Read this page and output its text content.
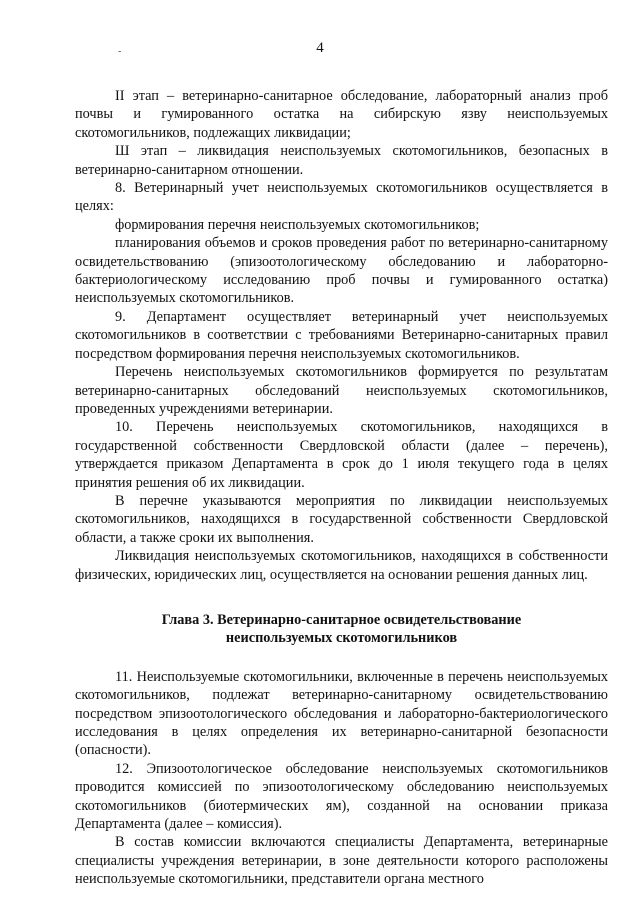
-	4

II этап – ветеринарно-санитарное обследование, лабораторный анализ проб почвы и гумированного остатка на сибирскую язву неиспользуемых скотомогильников, подлежащих ликвидации;

Ш этап – ликвидация неиспользуемых скотомогильников, безопасных в ветеринарно-санитарном отношении.

8. Ветеринарный учет неиспользуемых скотомогильников осуществляется в целях:

формирования перечня неиспользуемых скотомогильников;

планирования объемов и сроков проведения работ по ветеринарно-санитарному освидетельствованию (эпизоотологическому обследованию и лабораторно-бактериологическому исследованию проб почвы и гумированного остатка) неиспользуемых скотомогильников.

9. Департамент осуществляет ветеринарный учет неиспользуемых скотомогильников в соответствии с требованиями Ветеринарно-санитарных правил посредством формирования перечня неиспользуемых скотомогильников.

Перечень неиспользуемых скотомогильников формируется по результатам ветеринарно-санитарных обследований неиспользуемых скотомогильников, проведенных учреждениями ветеринарии.

10. Перечень неиспользуемых скотомогильников, находящихся в государственной собственности Свердловской области (далее – перечень), утверждается приказом Департамента в срок до 1 июля текущего года в целях принятия решения об их ликвидации.

В перечне указываются мероприятия по ликвидации неиспользуемых скотомогильников, находящихся в государственной собственности Свердловской области, а также сроки их выполнения.

Ликвидация неиспользуемых скотомогильников, находящихся в собственности физических, юридических лиц, осуществляется на основании решения данных лиц.

Глава 3. Ветеринарно-санитарное освидетельствование
неиспользуемых скотомогильников

11. Неиспользуемые скотомогильники, включенные в перечень неиспользуемых скотомогильников, подлежат ветеринарно-санитарному освидетельствованию посредством эпизоотологического обследования и лабораторно-бактериологического исследования в целях определения их ветеринарно-санитарной безопасности (опасности).

12. Эпизоотологическое обследование неиспользуемых скотомогильников проводится комиссией по эпизоотологическому обследованию неиспользуемых скотомогильников (биотермических ям), созданной на основании приказа Департамента (далее – комиссия).

В состав комиссии включаются специалисты Департамента, ветеринарные специалисты учреждения ветеринарии, в зоне деятельности которого расположены неиспользуемые скотомогильники, представители органа местного
